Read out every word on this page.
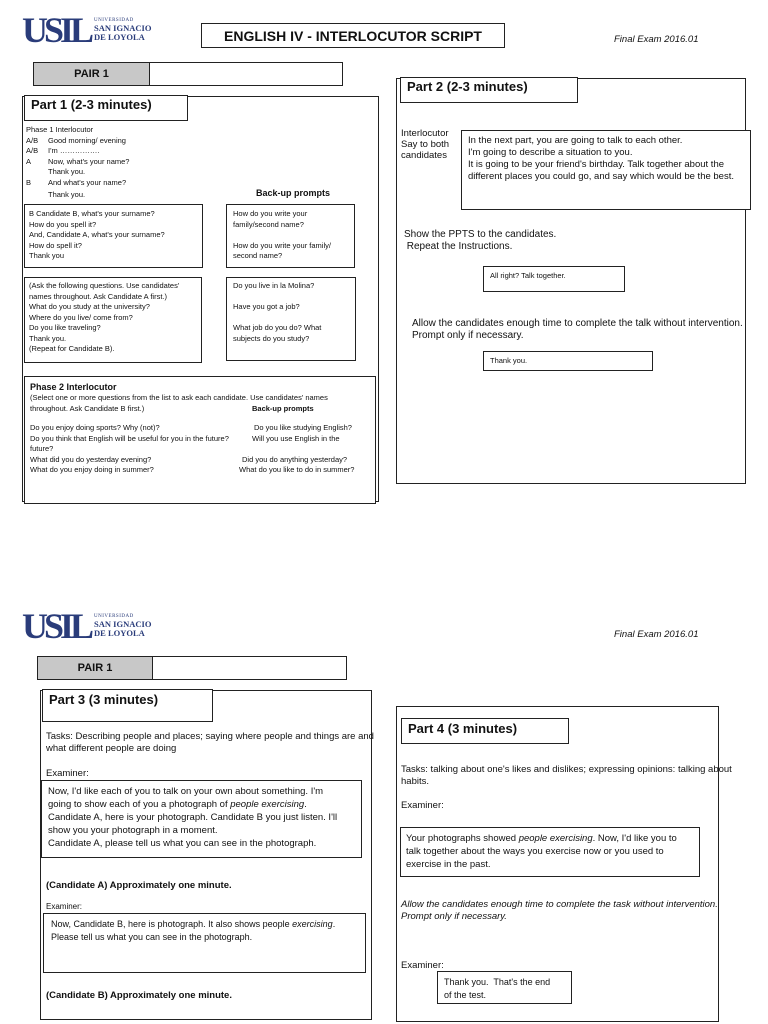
USIL UNIVERSIDAD
SAN IGNACIO
DE LOYOLA	ENGLISH IV - INTERLOCUTOR SCRIPT	Final Exam 2016.01
PAIR 1
Part 1 (2-3 minutes)
Phase 1 Interlocutor
A/B	Good morning/ evening
A/B	I'm …………….
A	Now, what's your name?
Thank you.
B	And what's your name?
Thank you.	Back-up prompts
B Candidate B, what's your surname?
How do you spell it?
And, Candidate A, what's your surname?
How do spell it?
Thank you
How do you write your
family/second name?
How do you write your family/
second name?
(Ask the following questions. Use candidates'
names throughout. Ask Candidate A first.)
What do you study at the university?
Where do you live/ come from?
Do you like traveling?
Thank you.
(Repeat for Candidate B).
Do you live in la Molina?
Have you got a job?
What job do you do? What
subjects do you study?
Phase 2 Interlocutor
(Select one or more questions from the list to ask each candidate. Use candidates' names
throughout. Ask Candidate B first.)	Back-up prompts
Do you enjoy doing sports? Why (not)?	Do you like studying English?
Do you think that English will be useful for you in the future?	Will you use English in the
future?
What did you do yesterday evening?	Did you do anything yesterday?
What do you enjoy doing in summer?	What do you like to do in summer?
Part 2 (2-3 minutes)
Interlocutor
Say to both
candidates
In the next part, you are going to talk to each other.
I'm going to describe a situation to you.
It is going to be your friend's birthday. Talk together about the
different places you could go, and say which would be the best.
Show the PPTS to the candidates.
Repeat the Instructions.
All right? Talk together.
Allow the candidates enough time to complete the talk without intervention.
Prompt only if necessary.
Thank you.
USIL UNIVERSIDAD
SAN IGNACIO
DE LOYOLA	Final Exam 2016.01
PAIR 1
Part 3 (3 minutes)
Tasks: Describing people and places; saying where people and things are and
what different people are doing
Examiner:
Now, I'd like each of you to talk on your own about something. I'm
going to show each of you a photograph of people exercising.
Candidate A, here is your photograph. Candidate B you just listen. I'll
show you your photograph in a moment.
Candidate A, please tell us what you can see in the photograph.
(Candidate A) Approximately one minute.
Examiner:
Now, Candidate B, here is photograph. It also shows people exercising.
Please tell us what you can see in the photograph.
(Candidate B) Approximately one minute.
Part 4 (3 minutes)
Tasks: talking about one's likes and dislikes; expressing opinions: talking about
habits.
Examiner:
Your photographs showed people exercising. Now, I'd like you to
talk together about the ways you exercise now or you used to
exercise in the past.
Allow the candidates enough time to complete the task without intervention.
Prompt only if necessary.
Examiner:
Thank you.  That's the end
of the test.
